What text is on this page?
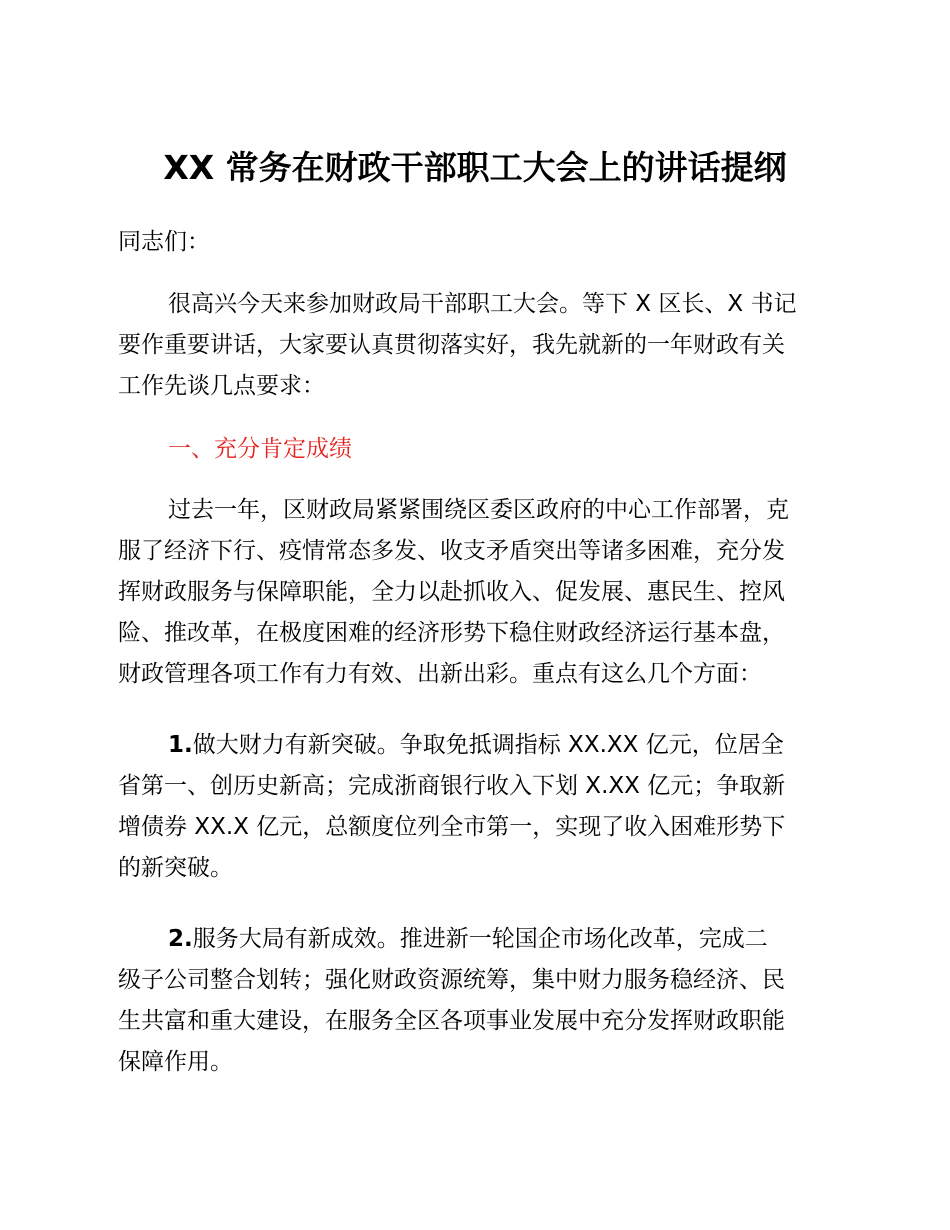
XX 常务在财政干部职工大会上的讲话提纲
同志们：
很高兴今天来参加财政局干部职工大会。等下 X 区长、X 书记
要作重要讲话，大家要认真贯彻落实好，我先就新的一年财政有关
工作先谈几点要求：
一、充分肯定成绩
过去一年，区财政局紧紧围绕区委区政府的中心工作部署，克
服了经济下行、疫情常态多发、收支矛盾突出等诸多困难，充分发
挥财政服务与保障职能，全力以赴抓收入、促发展、惠民生、控风
险、推改革，在极度困难的经济形势下稳住财政经济运行基本盘，
财政管理各项工作有力有效、出新出彩。重点有这么几个方面：
1.做大财力有新突破。争取免抵调指标 XX.XX 亿元，位居全
省第一、创历史新高；完成浙商银行收入下划 X.XX 亿元；争取新
增债券 XX.X 亿元，总额度位列全市第一，实现了收入困难形势下
的新突破。
2.服务大局有新成效。推进新一轮国企市场化改革，完成二
级子公司整合划转；强化财政资源统筹，集中财力服务稳经济、民
生共富和重大建设，在服务全区各项事业发展中充分发挥财政职能
保障作用。
